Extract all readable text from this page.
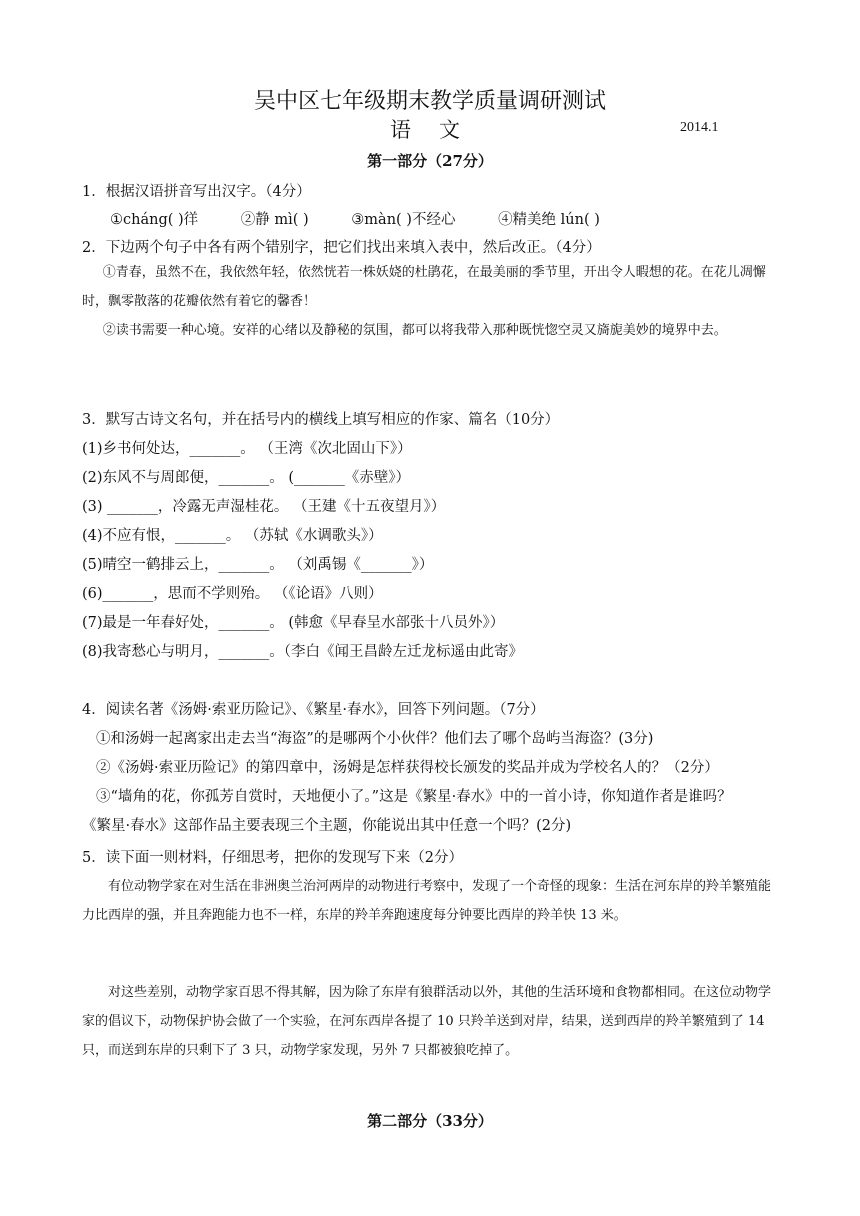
吴中区七年级期末教学质量调研测试
语文	2014.1
第一部分（27分）
1．根据汉语拼音写出汉字。（4分）
①cháng( )徉	②静 mì( )	③màn( )不经心	④精美绝 lún( )
2．下边两个句子中各有两个错别字，把它们找出来填入表中，然后改正。（4分）
①青春，虽然不在，我依然年轻，依然恍若一株妖娆的杜鹃花，在最美丽的季节里，开出令人暇想的花。在花儿凋懈时，飘零散落的花瓣依然有着它的馨香！
②读书需要一种心境。安祥的心绪以及静秘的氛围，都可以将我带入那种既恍惚空灵又旖旎美妙的境界中去。
3．默写古诗文名句，并在括号内的横线上填写相应的作家、篇名（10分）
(1)乡书何处达，_______。 （王湾《次北固山下》）
(2)东风不与周郎便，_______。 (_______《赤壁》）
(3) _______，冷露无声湿桂花。 （王建《十五夜望月》）
(4)不应有恨，_______。 （苏轼《水调歌头》）
(5)晴空一鹤排云上，_______。 （刘禹锡《_______》）
(6)_______，思而不学则殆。 （《论语》八则）
(7)最是一年春好处，_______。 (韩愈《早春呈水部张十八员外》）
(8)我寄愁心与明月，_______。（李白《闻王昌龄左迁龙标遥由此寄》
4．阅读名著《汤姆·索亚历险记》、《繁星·春水》，回答下列问题。（7分）
①和汤姆一起离家出走去当“海盗”的是哪两个小伙伴？他们去了哪个岛屿当海盗？(3分)
②《汤姆·索亚历险记》的第四章中，汤姆是怎样获得校长颁发的奖品并成为学校名人的？（2分）
③“墙角的花，你孤芳自赏时，天地便小了。”这是《繁星·春水》中的一首小诗，你知道作者是谁吗？
《繁星·春水》这部作品主要表现三个主题，你能说出其中任意一个吗？(2分)
5．读下面一则材料，仔细思考，把你的发现写下来（2分）
有位动物学家在对生活在非洲奥兰治河两岸的动物进行考察中，发现了一个奇怪的现象：生活在河东岸的羚羊繁殖能力比西岸的强，并且奔跑能力也不一样，东岸的羚羊奔跑速度每分钟要比西岸的羚羊快 13 米。
对这些差别，动物学家百思不得其解，因为除了东岸有狼群活动以外，其他的生活环境和食物都相同。在这位动物学家的倡议下，动物保护协会做了一个实验，在河东西岸各提了 10 只羚羊送到对岸，结果，送到西岸的羚羊繁殖到了 14 只，而送到东岸的只剩下了 3 只，动物学家发现，另外 7 只都被狼吃掉了。
第二部分（33分）
